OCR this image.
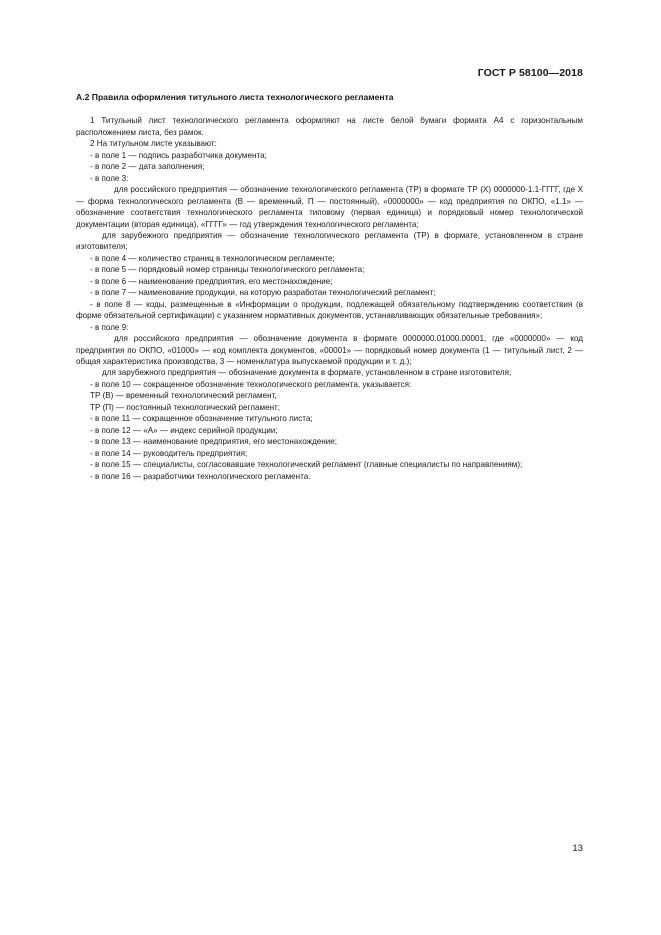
ГОСТ Р 58100—2018

А.2 Правила оформления титульного листа технологического регламента

1 Титульный лист технологического регламента оформляют на листе белой бумаги формата А4 с горизонтальным расположением листа, без рамок.

2 На титульном листе указывают:

- в поле 1 — подпись разработчика документа;

- в поле 2 — дата заполнения;

- в поле 3:

для российского предприятия — обозначение технологического регламента (ТР) в формате ТР (Х) 0000000-1.1-ГГГГ, где Х — форма технологического регламента (В — временный, П — постоянный), «0000000» — код предприятия по ОКПО, «1.1» — обозначение соответствия технологического регламента типовому (первая единица) и порядковый номер технологической документации (вторая единица), «ГГГГ» — год утверждения технологического регламента;

для зарубежного предприятия — обозначение технологического регламента (ТР) в формате, установленном в стране изготовителя;

- в поле 4 — количество страниц в технологическом регламенте;

- в поле 5 — порядковый номер страницы технологического регламента;

- в поле 6 — наименование предприятия, его местонахождение;

- в поле 7 — наименование продукции, на которую разработан технологический регламент;

- в поле 8 — коды, размещенные в «Информации о продукции, подлежащей обязательному подтверждению соответствия (в форме обязательной сертификации) с указанием нормативных документов, устанавливающих обязательные требования»;

- в поле 9:

для российского предприятия — обозначение документа в формате 0000000.01000.00001, где «0000000» — код предприятия по ОКПО, «01000» — код комплекта документов, «00001» — порядковый номер документа (1 — титульный лист, 2 — общая характеристика производства, 3 — номенклатура выпускаемой продукции и т. д.);

для зарубежного предприятия — обозначение документа в формате, установленном в стране изготовителя;

- в поле 10 — сокращенное обозначение технологического регламента, указывается:

ТР (В) — временный технологический регламент,

ТР (П) — постоянный технологический регламент;

- в поле 11 — сокращенное обозначение титульного листа;

- в поле 12 — «А» — индекс серийной продукции;

- в поле 13 — наименование предприятия, его местонахождение;

- в поле 14 — руководитель предприятия;

- в поле 15 — специалисты, согласовавшие технологический регламент (главные специалисты по направлениям);

- в поле 16 — разработчики технологического регламента.

13
